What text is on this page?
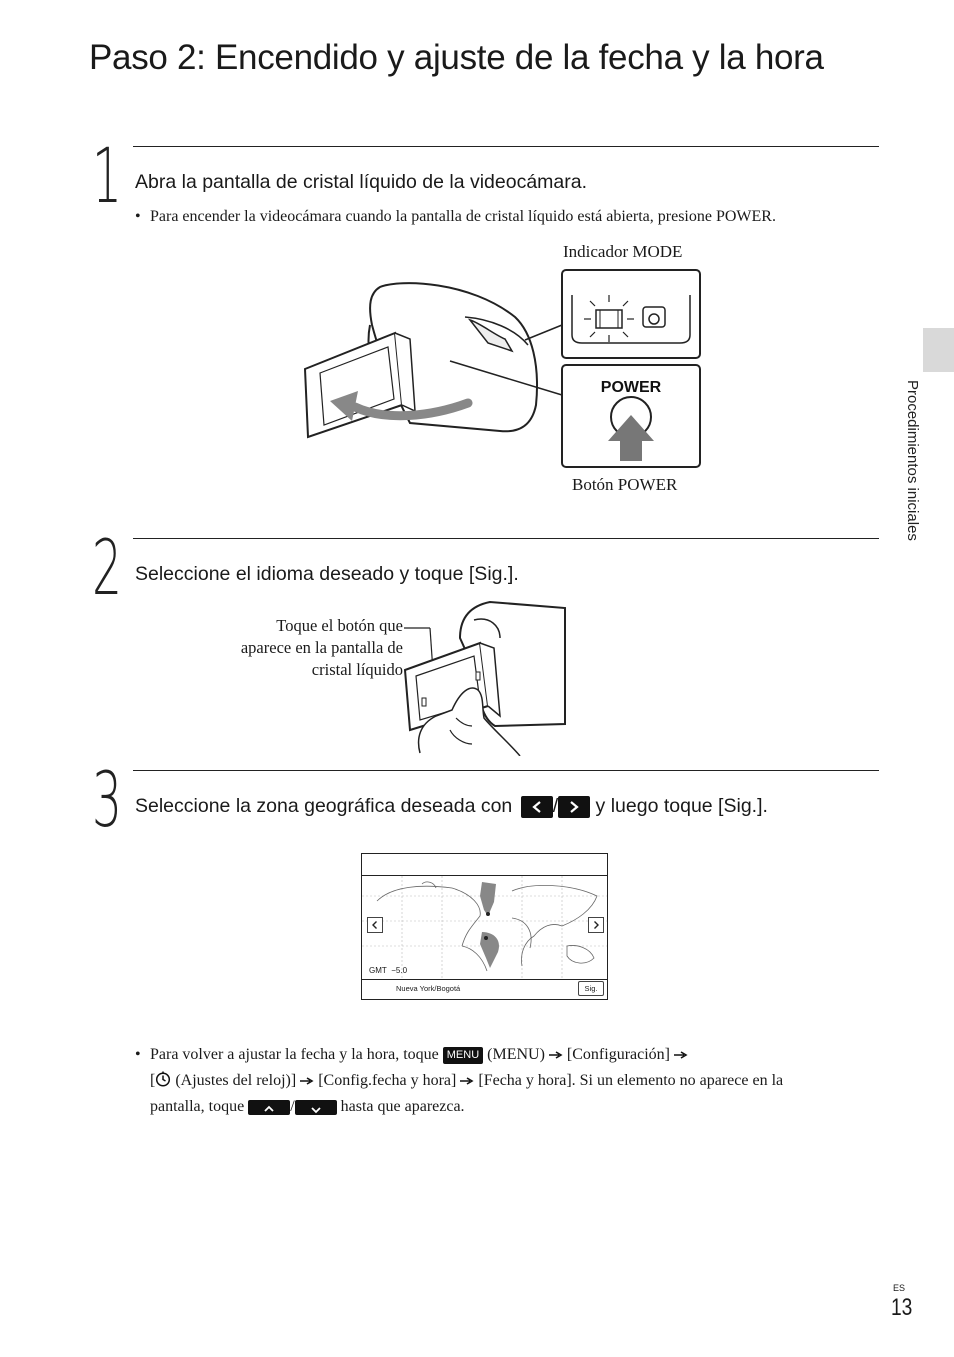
Paso 2: Encendido y ajuste de la fecha y la hora
Procedimientos iniciales
1 Abra la pantalla de cristal líquido de la videocámara.
• Para encender la videocámara cuando la pantalla de cristal líquido está abierta, presione POWER.
Indicador MODE
Botón POWER
POWER
2 Seleccione el idioma deseado y toque [Sig.].
Toque el botón que
aparece en la pantalla de
cristal líquido
3 Seleccione la zona geográfica deseada con / y luego toque [Sig.].
GMT −5.0
Nueva York/Bogotá	Sig.
• Para volver a ajustar la fecha y la hora, toque MENU (MENU) [Configuración]
[ (Ajustes del reloj)] [Config.fecha y hora] [Fecha y hora]. Si un elemento no aparece en la
pantalla, toque	/	hasta que aparezca.
ES
13
